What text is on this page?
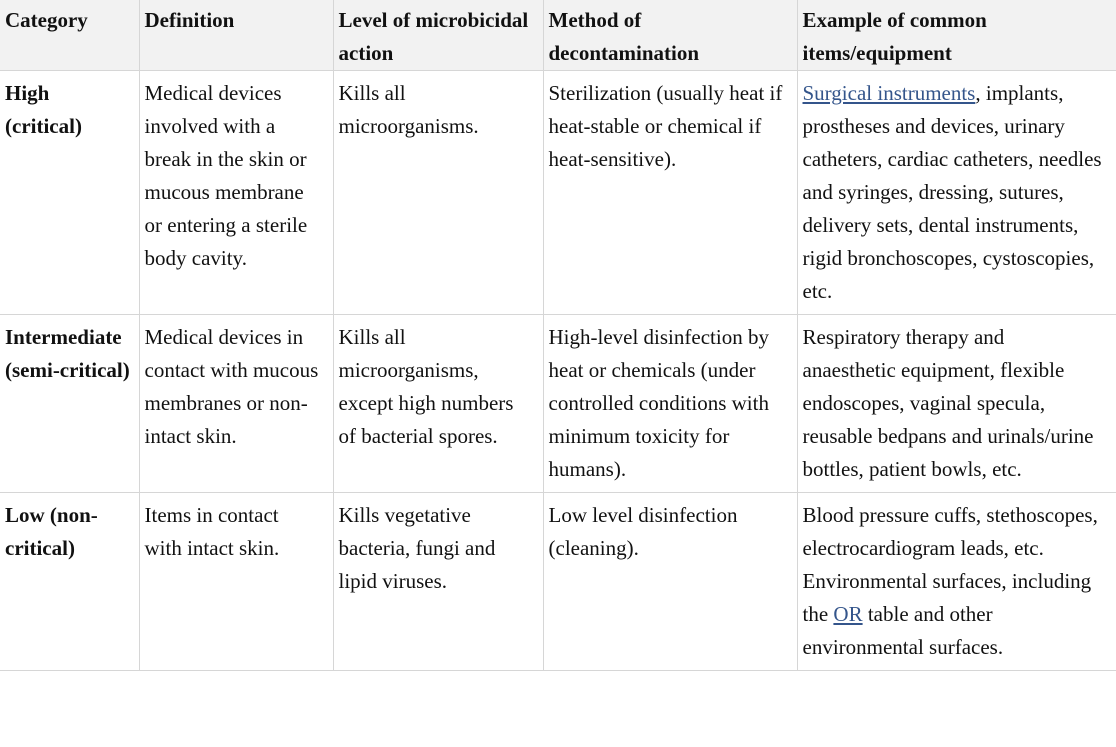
Category	Definition	Level of microbicidal action	Method of decontamination	Example of common items/equipment
High (critical)	Medical devices involved with a break in the skin or mucous membrane or entering a sterile body cavity.	Kills all microorganisms.	Sterilization (usually heat if heat-stable or chemical if heat-sensitive).	Surgical instruments, implants, prostheses and devices, urinary catheters, cardiac catheters, needles and syringes, dressing, sutures, delivery sets, dental instruments, rigid bronchoscopes, cystoscopies, etc.
Intermediate (semi-critical)	Medical devices in contact with mucous membranes or non-intact skin.	Kills all microorganisms, except high numbers of bacterial spores.	High-level disinfection by heat or chemicals (under controlled conditions with minimum toxicity for humans).	Respiratory therapy and anaesthetic equipment, flexible endoscopes, vaginal specula, reusable bedpans and urinals/urine bottles, patient bowls, etc.
Low (non-critical)	Items in contact with intact skin.	Kills vegetative bacteria, fungi and lipid viruses.	Low level disinfection (cleaning).	Blood pressure cuffs, stethoscopes, electrocardiogram leads, etc. Environmental surfaces, including the OR table and other environmental surfaces.
